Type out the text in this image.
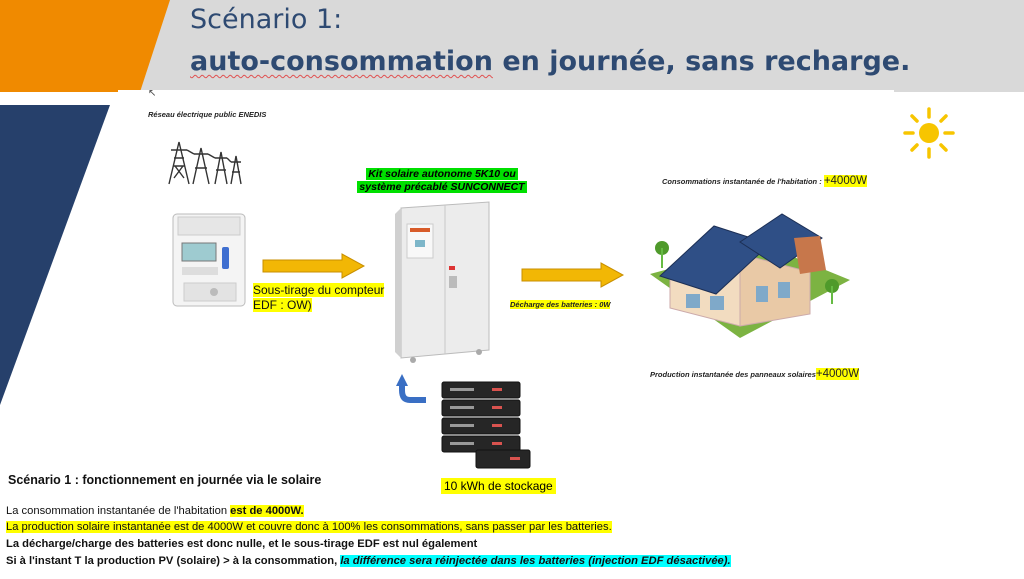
Scénario 1:
auto-consommation en journée, sans recharge.
↖
Réseau électrique public ENEDIS
Sous-tirage du compteur
EDF : OW)
Kit solaire autonome 5K10 ou
système précablé SUNCONNECT
Décharge des batteries : 0W
Consommations instantanée de l'habitation : +4000W
Production instantanée des panneaux solaires+4000W
10 kWh de stockage
Scénario 1 : fonctionnement en journée via le solaire
La consommation instantanée de l'habitation est de 4000W.
La production solaire instantanée est de 4000W et couvre donc à 100% les consommations, sans passer par les batteries.
La décharge/charge des batteries est donc nulle, et le sous-tirage EDF est nul également
Si à l'instant T la production PV (solaire) > à la consommation, la différence sera réinjectée dans les batteries (injection EDF désactivée).
